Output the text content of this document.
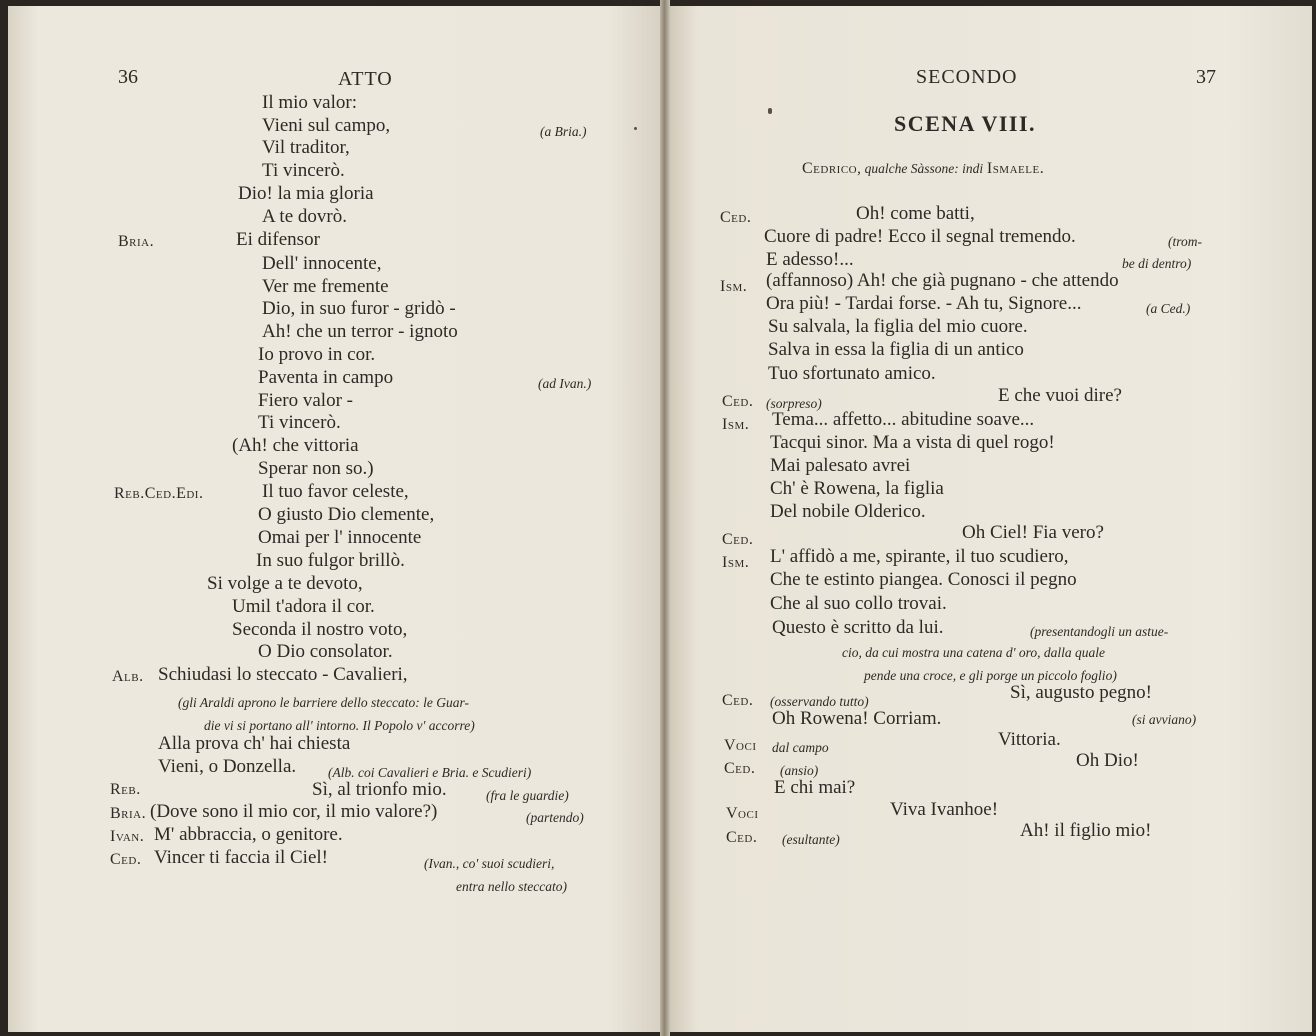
36	ATTO
Il mio valor:
Vieni sul campo,	(a Bria.)
Vil traditor,
Ti vincerò.
Dio! la mia gloria
A te dovrò.
Bria.	Ei difensor
Dell' innocente,
Ver me fremente
Dio, in suo furor - gridò -
Ah! che un terror - ignoto
Io provo in cor.
Paventa in campo	(ad Ivan.)
Fiero valor -
Ti vincerò.
(Ah! che vittoria
Sperar non so.)
Reb.Ced.Edi.	Il tuo favor celeste,
O giusto Dio clemente,
Omai per l' innocente
In suo fulgor brillò.
Si volge a te devoto,
Umil t'adora il cor.
Seconda il nostro voto,
O Dio consolator.
Alb. Schiudasi lo steccato - Cavalieri,
(gli Araldi aprono le barriere dello steccato: le Guar-
die vi si portano all' intorno. Il Popolo v' accorre)
Alla prova ch' hai chiesta
Vieni, o Donzella. (Alb. coi Cavalieri e Bria. e Scudieri)
Reb.	Sì, al trionfo mio.	(fra le guardie)
Bria. (Dove sono il mio cor, il mio valore?)	(partendo)
Ivan. M' abbraccia, o genitore.
Ced. Vincer ti faccia il Ciel!	(Ivan., co' suoi scudieri,
entra nello steccato)
SECONDO	37
SCENA VIII.
Cedrico, qualche Sàssone: indi Ismaele.
Ced.	Oh! come batti,
Cuore di padre! Ecco il segnal tremendo.	(trom-
E adesso!...	be di dentro)
Ism. (affannoso) Ah! che già pugnano - che attendo
Ora più! - Tardai forse. - Ah tu, Signore...	(a Ced.)
Su salvala, la figlia del mio cuore.
Salva in essa la figlia di un antico
Tuo sfortunato amico.
Ced. (sorpreso)	E che vuoi dire?
Ism. Tema... affetto... abitudine soave...
Tacqui sinor. Ma a vista di quel rogo!
Mai palesato avrei
Ch' è Rowena, la figlia
Del nobile Olderico.
Ced.	Oh Ciel! Fia vero?
Ism. L' affidò a me, spirante, il tuo scudiero,
Che te estinto piangea. Conosci il pegno
Che al suo collo trovai.
Questo è scritto da lui.	(presentandogli un astue-
cio, da cui mostra una catena d' oro, dalla quale
pende una croce, e gli porge un piccolo foglio)
Ced. (osservando tutto)	Sì, augusto pegno!
Oh Rowena! Corriam.	(si avviano)
Voci dal campo	Vittoria.
Ced. (ansio)	Oh Dio!
E chi mai?
Voci	Viva Ivanhoe!
Ced. (esultante)	Ah! il figlio mio!
